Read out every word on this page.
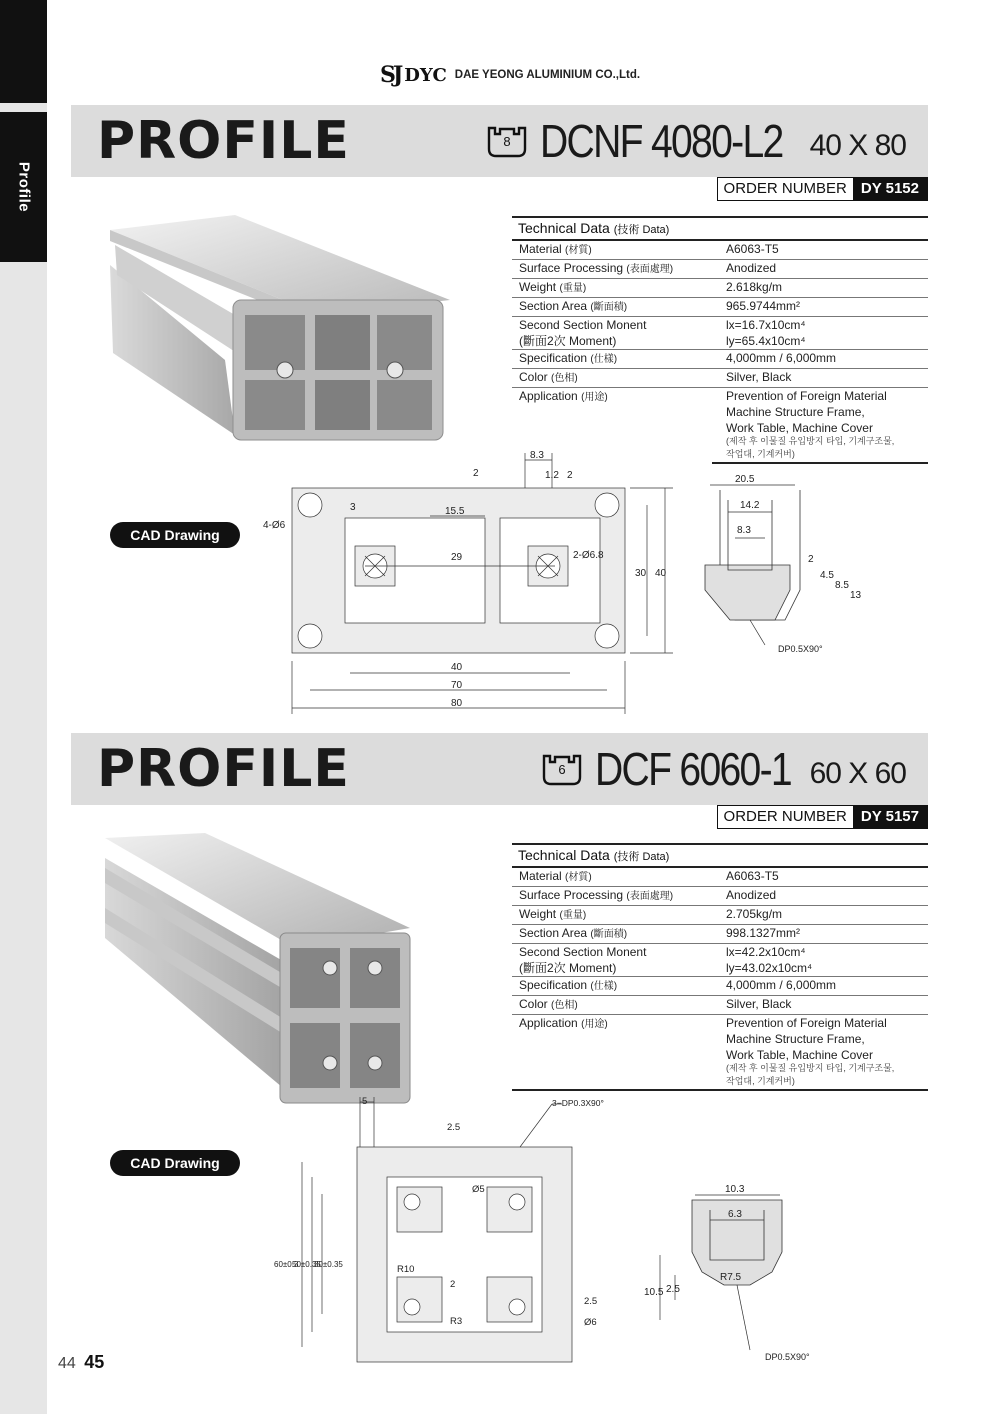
Profile
SJ DYC DAE YEONG ALUMINIUM CO.,Ltd.
PROFILE	8 DCNF 4080-L2 40 X 80
ORDER NUMBER DY 5152
Technical Data (技術 Data)
Material (材質)	A6063-T5
Surface Processing (表面處理)	Anodized
Weight (重量)	2.618kg/m
Section Area (斷面積)	965.9744mm²
Second Section Monent	lx=16.7x10cm⁴
(斷面2次 Moment)	ly=65.4x10cm⁴
Specification (仕樣)	4,000mm / 6,000mm
Color (色相)	Silver, Black
Application (用途)	Prevention of Foreign Material
Machine Structure Frame,
Work Table, Machine Cover
(제작 후 이물질 유입방지 타입, 기계구조물,
작업대, 기계커버)
CAD Drawing
8.3
2	1.2 2
15.5
3
4-Ø6
29	2-Ø6.8
30 40
40
70
80
20.5
14.2
8.3
2
4.5
8.5
13
DP0.5X90°
PROFILE	6 DCF 6060-1 60 X 60
ORDER NUMBER DY 5157
Technical Data (技術 Data)
Material (材質)	A6063-T5
Surface Processing (表面處理)	Anodized
Weight (重量)	2.705kg/m
Section Area (斷面積)	998.1327mm²
Second Section Monent	lx=42.2x10cm⁴
(斷面2次 Moment)	ly=43.02x10cm⁴
Specification (仕樣)	4,000mm / 6,000mm
Color (色相)	Silver, Black
Application (用途)	Prevention of Foreign Material
Machine Structure Frame,
Work Table, Machine Cover
(제작 후 이물질 유입방지 타입, 기계구조물,
작업대, 기계커버)
CAD Drawing
5
2.5
3−DP0.3X90°
Ø5
60±0.3
50±0.35
30±0.35	R10
2
R3
2.5
Ø6
10.3
6.3
10.5 2.5
R7.5
DP0.5X90°
44 45
